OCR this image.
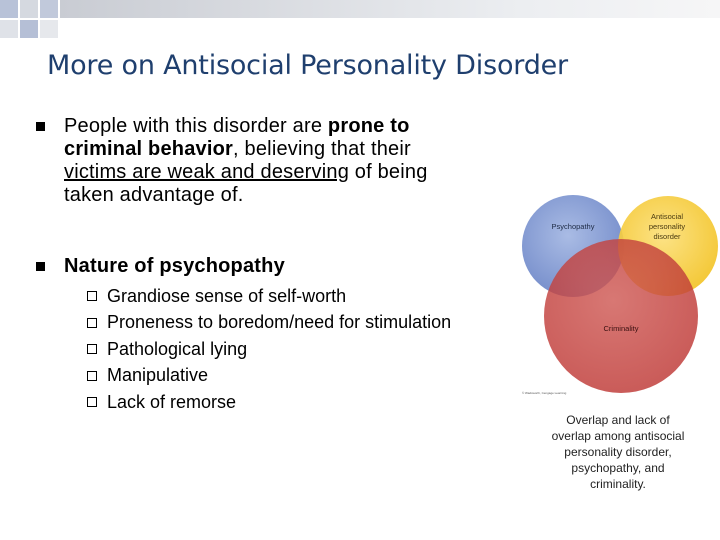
More on Antisocial Personality Disorder
People with this disorder are prone to
criminal behavior, believing that their
victims are weak and deserving of being
taken advantage of.
Nature of psychopathy
Grandiose sense of self-worth
Proneness to boredom/need for stimulation
Pathological lying
Manipulative
Lack of remorse
Psychopathy
Antisocial
personality
disorder
Criminality
© Wadsworth, Cengage Learning
Overlap and lack of overlap among antisocial personality disorder, psychopathy, and criminality.
